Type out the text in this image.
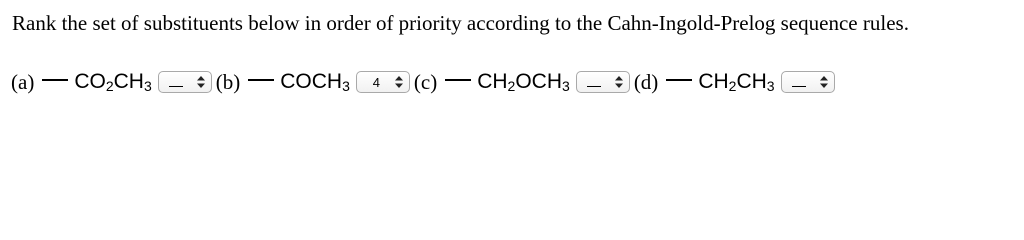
Rank the set of substituents below in order of priority according to the Cahn-Ingold-Prelog sequence rules.
(a) $CO_2$ $CH_3$	(b) $COCH_3$	4	(c) $CH_2$ $OCH_3$	(d) $CH_2$ $CH_3$
